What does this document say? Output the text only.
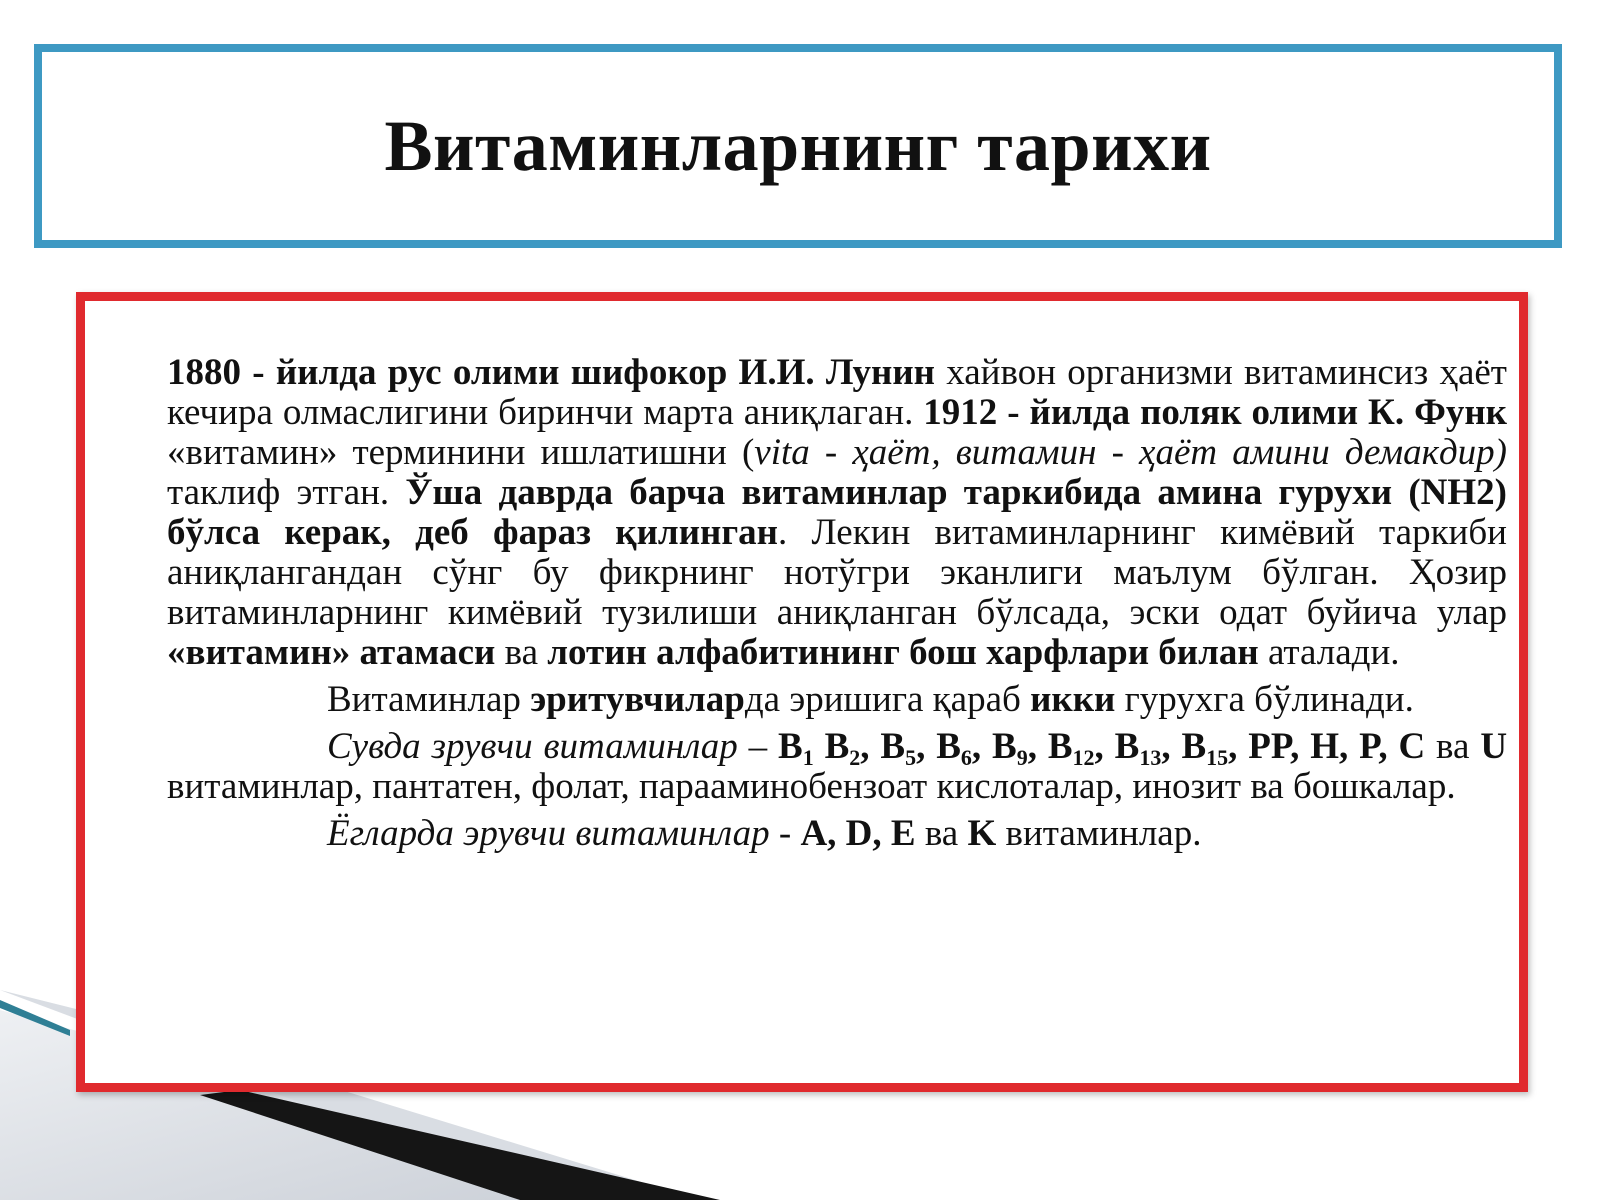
Витаминларнинг тарихи

1880 - йилда рус олими шифокор И.И. Лунин хайвон организми витаминсиз ҳаёт кечира олмаслигини биринчи марта аниқлаган. 1912 - йилда поляк олими К. Функ «витамин» терминини ишлатишни (vita - ҳаёт, витамин - ҳаёт амини демакдир) таклиф этган. Ўша даврда барча витаминлар таркибида амина гурухи (NH2) бўлса керак, деб фараз қилинган. Лекин витаминларнинг кимёвий таркиби аниқлангандан сўнг бу фикрнинг нотўгри эканлиги маълум бўлган. Ҳозир витаминларнинг кимёвий тузилиши аниқланган бўлсада, эски одат буйича улар «витамин» атамаси ва лотин алфабитининг бош харфлари билан аталади.

Витаминлар эритувчиларда эришига қараб икки гурухга бўлинади.

Сувда зрувчи витаминлар – $B_1$ $B_2$, $B_5$, $B_6$, $B_9$, $B_{12}$, $B_{13}$, $B_{15}$, PP, H, P, C ва U витаминлар, пантатен, фолат, парааминобензоат кислоталар, инозит ва бошкалар.

Ёгларда эрувчи витаминлар - A, D, E ва K витаминлар.
